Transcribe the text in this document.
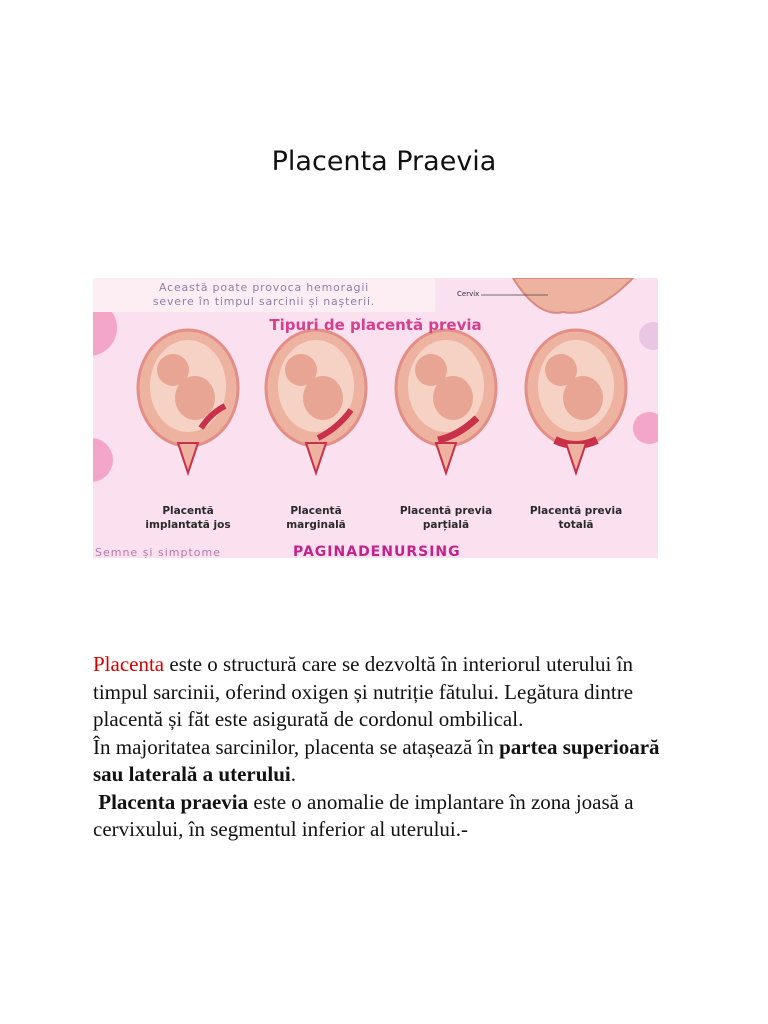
Placenta Praevia
Această poate provoca hemoragii
severe în timpul sarcinii și nașterii.
Cervix
Tipuri de placentă previa
Placentă
implantată jos
Placentă
marginală
Placentă previa
parțială
Placentă previa
totală
Semne și simptome	PAGINADENURSING

Placenta este o structură care se dezvoltă în interiorul uterului în timpul sarcinii, oferind oxigen și nutriție fătului. Legătura dintre placentă și făt este asigurată de cordonul ombilical.

În majoritatea sarcinilor, placenta se atașează în partea superioară sau laterală a uterului.

Placenta praevia este o anomalie de implantare în zona joasă a cervixului, în segmentul inferior al uterului.-
